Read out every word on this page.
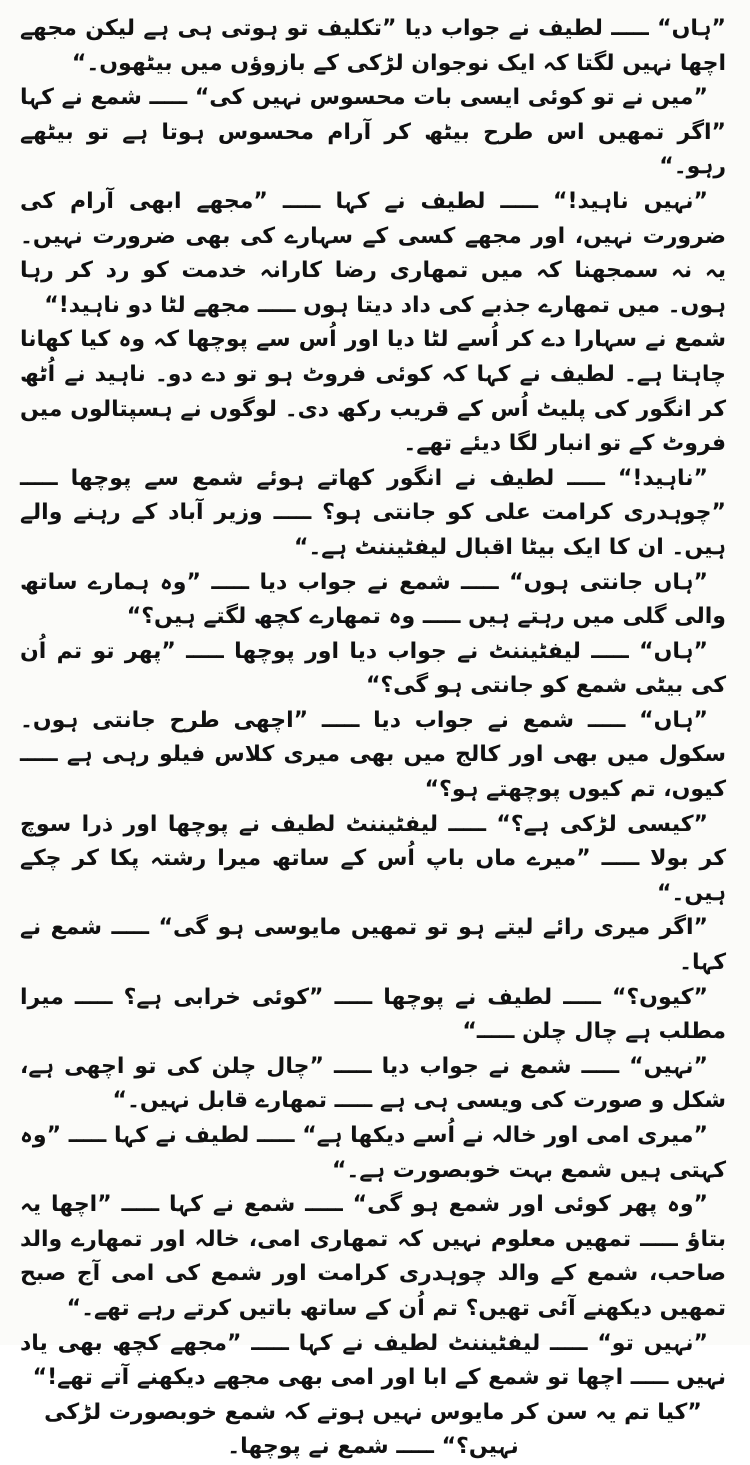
”ہاں“ ـــــ لطیف نے جواب دیا ”تکلیف تو ہوتی ہی ہے لیکن مجھے اچھا نہیں لگتا کہ ایک نوجوان لڑکی کے بازوؤں میں بیٹھوں۔“

”میں نے تو کوئی ایسی بات محسوس نہیں کی“ ـــــ شمع نے کہا ”اگر تمھیں اس طرح بیٹھ کر آرام محسوس ہوتا ہے تو بیٹھے رہو۔“

”نہیں ناہید!“ ـــــ لطیف نے کہا ـــــ ”مجھے ابھی آرام کی ضرورت نہیں، اور مجھے کسی کے سہارے کی بھی ضرورت نہیں۔ یہ نہ سمجھنا کہ میں تمھاری رضا کارانہ خدمت کو رد کر رہا ہوں۔ میں تمھارے جذبے کی داد دیتا ہوں ـــــ مجھے لٹا دو ناہید!“

شمع نے سہارا دے کر اُسے لٹا دیا اور اُس سے پوچھا کہ وہ کیا کھانا چاہتا ہے۔ لطیف نے کہا کہ کوئی فروٹ ہو تو دے دو۔ ناہید نے اُٹھ کر انگور کی پلیٹ اُس کے قریب رکھ دی۔ لوگوں نے ہسپتالوں میں فروٹ کے تو انبار لگا دیئے تھے۔

”ناہید!“ ـــــ لطیف نے انگور کھاتے ہوئے شمع سے پوچھا ـــــ ”چوہدری کرامت علی کو جانتی ہو؟ ـــــ وزیر آباد کے رہنے والے ہیں۔ ان کا ایک بیٹا اقبال لیفٹیننٹ ہے۔“

”ہاں جانتی ہوں“ ـــــ شمع نے جواب دیا ـــــ ”وہ ہمارے ساتھ والی گلی میں رہتے ہیں ـــــ وہ تمھارے کچھ لگتے ہیں؟“

”ہاں“ ـــــ لیفٹیننٹ نے جواب دیا اور پوچھا ـــــ ”پھر تو تم اُن کی بیٹی شمع کو جانتی ہو گی؟“

”ہاں“ ـــــ شمع نے جواب دیا ـــــ ”اچھی طرح جانتی ہوں۔ سکول میں بھی اور کالج میں بھی میری کلاس فیلو رہی ہے ـــــ کیوں، تم کیوں پوچھتے ہو؟“

”کیسی لڑکی ہے؟“ ـــــ لیفٹیننٹ لطیف نے پوچھا اور ذرا سوچ کر بولا ـــــ ”میرے ماں باپ اُس کے ساتھ میرا رشتہ پکا کر چکے ہیں۔“

”اگر میری رائے لیتے ہو تو تمھیں مایوسی ہو گی“ ـــــ شمع نے کہا۔

”کیوں؟“ ـــــ لطیف نے پوچھا ـــــ ”کوئی خرابی ہے؟ ـــــ میرا مطلب ہے چال چلن ـــــ“

”نہیں“ ـــــ شمع نے جواب دیا ـــــ ”چال چلن کی تو اچھی ہے، شکل و صورت کی ویسی ہی ہے ـــــ تمھارے قابل نہیں۔“

”میری امی اور خالہ نے اُسے دیکھا ہے“ ـــــ لطیف نے کہا ـــــ ”وہ کہتی ہیں شمع بہت خوبصورت ہے۔“

”وہ پھر کوئی اور شمع ہو گی“ ـــــ شمع نے کہا ـــــ ”اچھا یہ بتاؤ ـــــ تمھیں معلوم نہیں کہ تمھاری امی، خالہ اور تمھارے والد صاحب، شمع کے والد چوہدری کرامت اور شمع کی امی آج صبح تمھیں دیکھنے آئی تھیں؟ تم اُن کے ساتھ باتیں کرتے رہے تھے۔“

”نہیں تو“ ـــــ لیفٹیننٹ لطیف نے کہا ـــــ ”مجھے کچھ بھی یاد نہیں ـــــ اچھا تو شمع کے ابا اور امی بھی مجھے دیکھنے آتے تھے!“

”کیا تم یہ سن کر مایوس نہیں ہوتے کہ شمع خوبصورت لڑکی نہیں؟“ ـــــ شمع نے پوچھا۔
